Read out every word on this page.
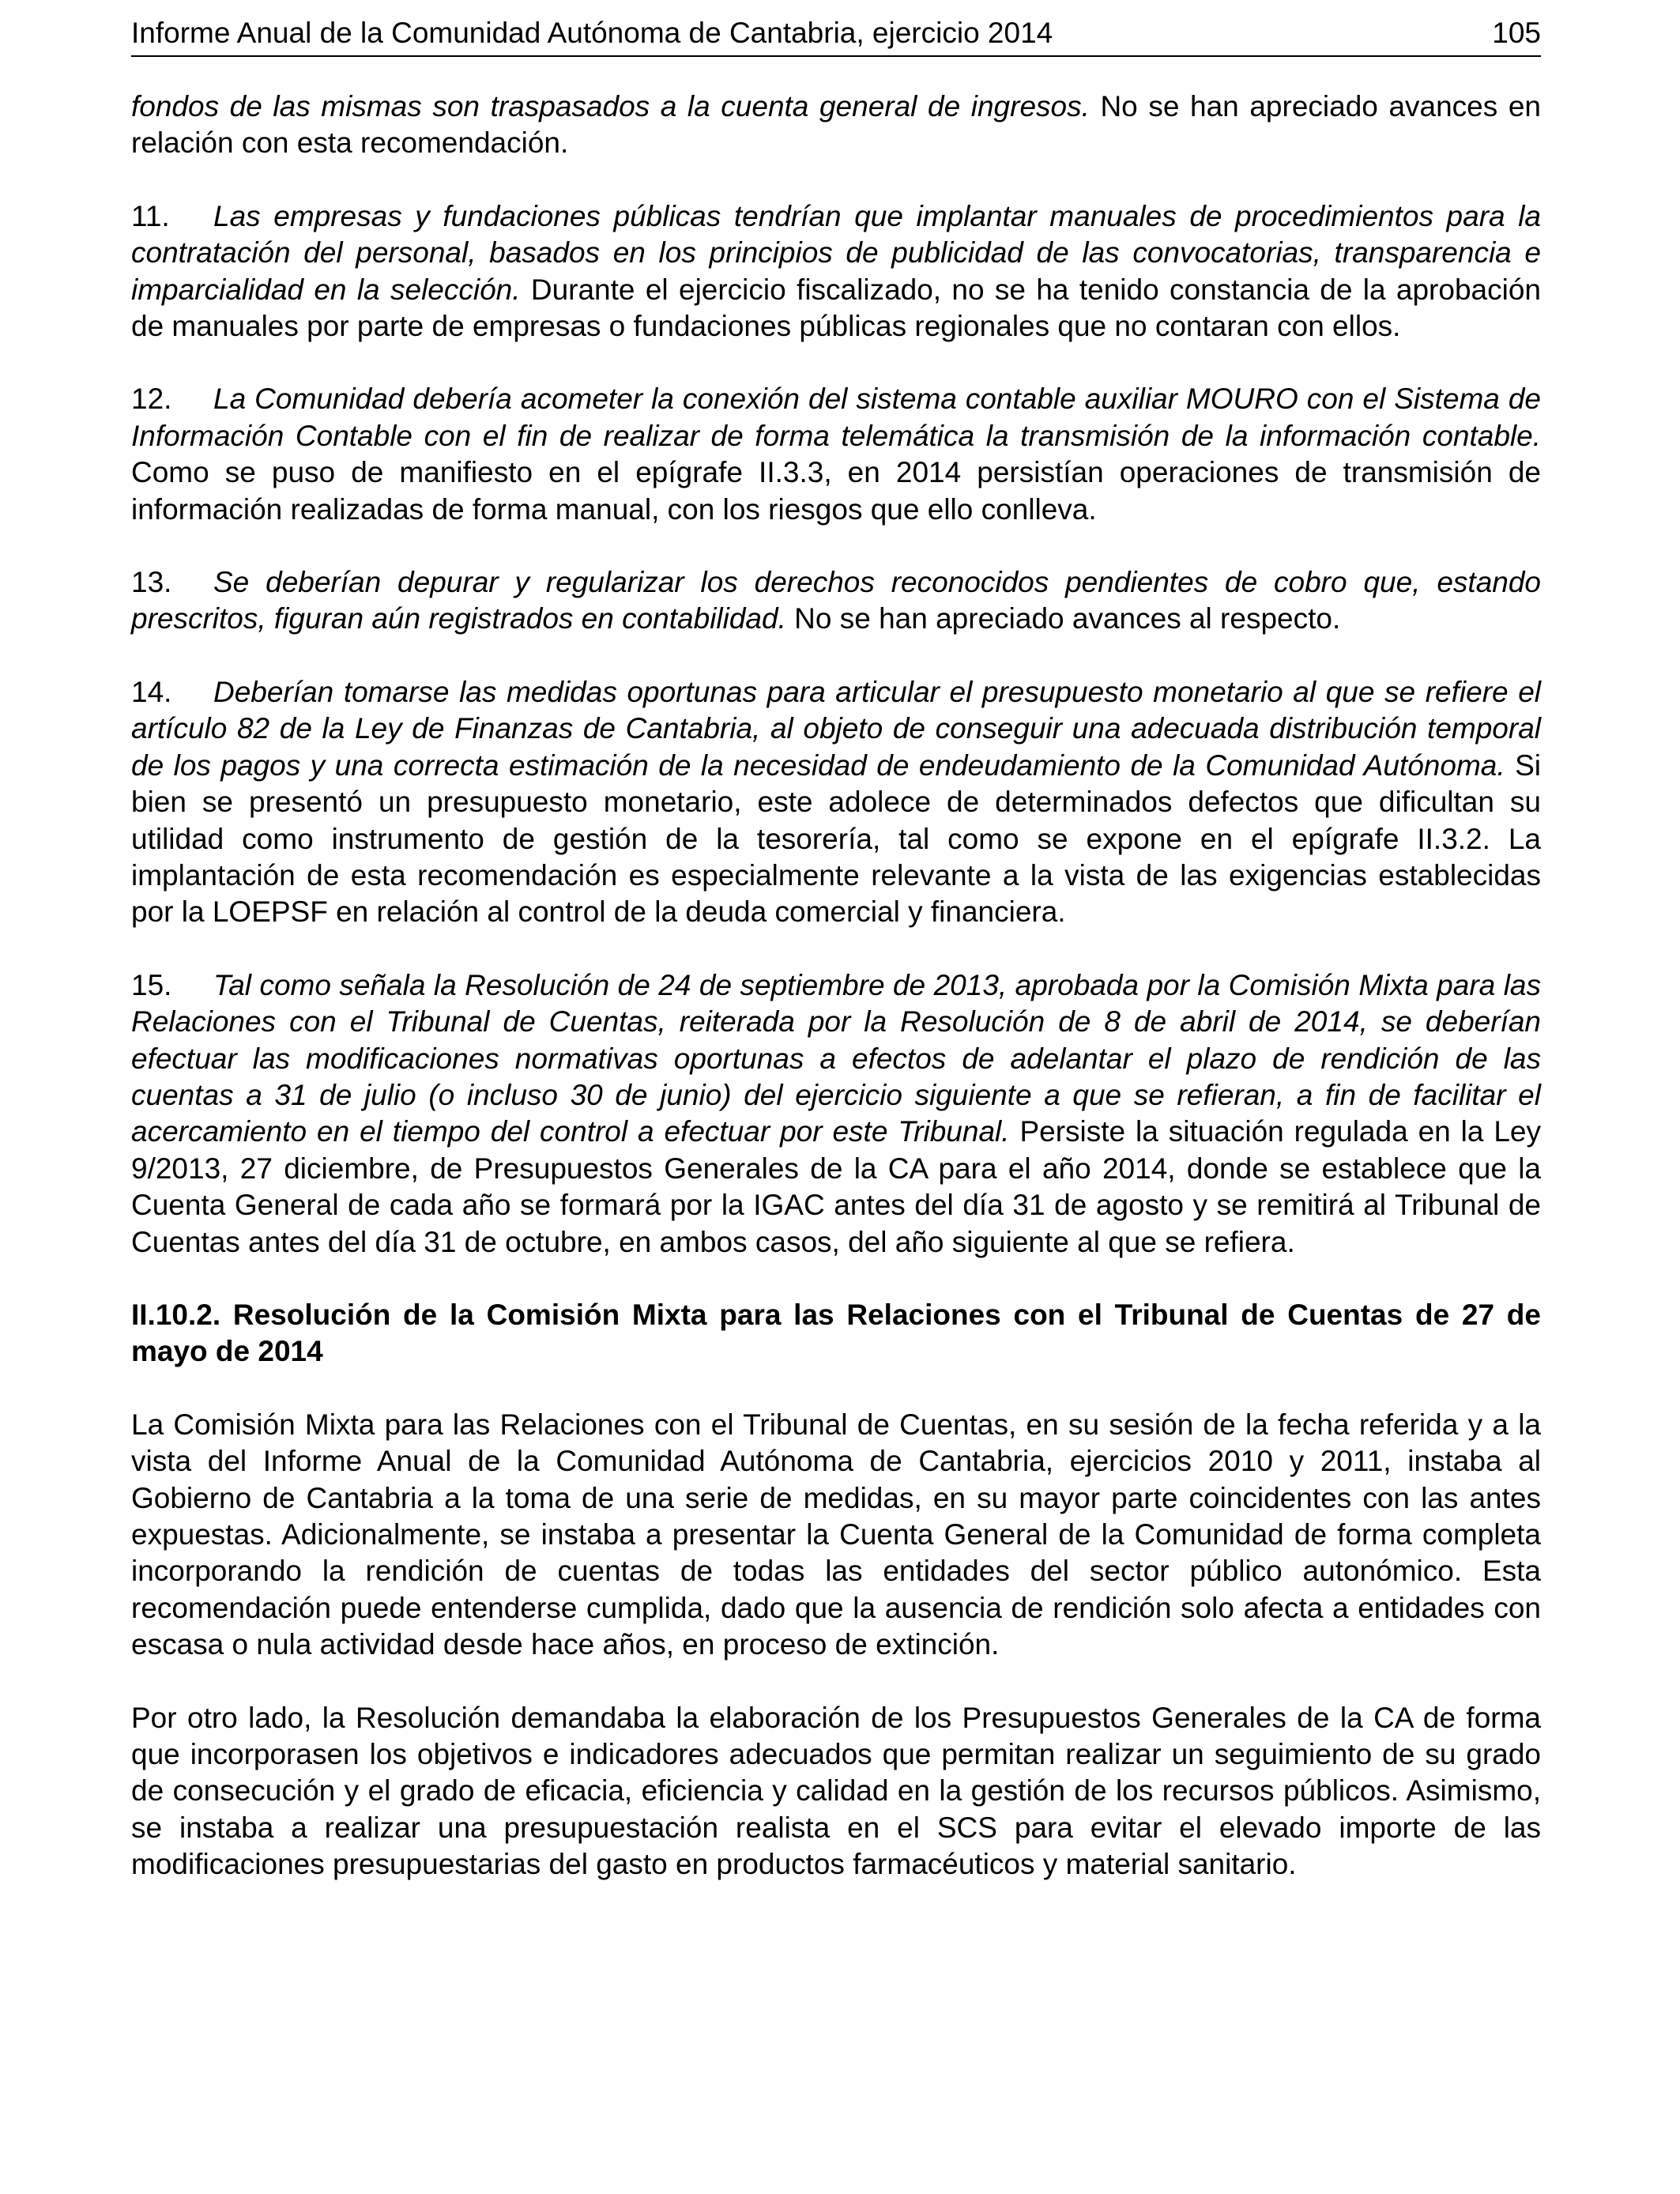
Informe Anual de la Comunidad Autónoma de Cantabria, ejercicio 2014	105

fondos de las mismas son traspasados a la cuenta general de ingresos. No se han apreciado avances en relación con esta recomendación.

11. Las empresas y fundaciones públicas tendrían que implantar manuales de procedimientos para la contratación del personal, basados en los principios de publicidad de las convocatorias, transparencia e imparcialidad en la selección. Durante el ejercicio fiscalizado, no se ha tenido constancia de la aprobación de manuales por parte de empresas o fundaciones públicas regionales que no contaran con ellos.

12. La Comunidad debería acometer la conexión del sistema contable auxiliar MOURO con el Sistema de Información Contable con el fin de realizar de forma telemática la transmisión de la información contable. Como se puso de manifiesto en el epígrafe II.3.3, en 2014 persistían operaciones de transmisión de información realizadas de forma manual, con los riesgos que ello conlleva.

13. Se deberían depurar y regularizar los derechos reconocidos pendientes de cobro que, estando prescritos, figuran aún registrados en contabilidad. No se han apreciado avances al respecto.

14. Deberían tomarse las medidas oportunas para articular el presupuesto monetario al que se refiere el artículo 82 de la Ley de Finanzas de Cantabria, al objeto de conseguir una adecuada distribución temporal de los pagos y una correcta estimación de la necesidad de endeudamiento de la Comunidad Autónoma. Si bien se presentó un presupuesto monetario, este adolece de determinados defectos que dificultan su utilidad como instrumento de gestión de la tesorería, tal como se expone en el epígrafe II.3.2. La implantación de esta recomendación es especialmente relevante a la vista de las exigencias establecidas por la LOEPSF en relación al control de la deuda comercial y financiera.

15. Tal como señala la Resolución de 24 de septiembre de 2013, aprobada por la Comisión Mixta para las Relaciones con el Tribunal de Cuentas, reiterada por la Resolución de 8 de abril de 2014, se deberían efectuar las modificaciones normativas oportunas a efectos de adelantar el plazo de rendición de las cuentas a 31 de julio (o incluso 30 de junio) del ejercicio siguiente a que se refieran, a fin de facilitar el acercamiento en el tiempo del control a efectuar por este Tribunal. Persiste la situación regulada en la Ley 9/2013, 27 diciembre, de Presupuestos Generales de la CA para el año 2014, donde se establece que la Cuenta General de cada año se formará por la IGAC antes del día 31 de agosto y se remitirá al Tribunal de Cuentas antes del día 31 de octubre, en ambos casos, del año siguiente al que se refiera.

II.10.2. Resolución de la Comisión Mixta para las Relaciones con el Tribunal de Cuentas de 27 de mayo de 2014

La Comisión Mixta para las Relaciones con el Tribunal de Cuentas, en su sesión de la fecha referida y a la vista del Informe Anual de la Comunidad Autónoma de Cantabria, ejercicios 2010 y 2011, instaba al Gobierno de Cantabria a la toma de una serie de medidas, en su mayor parte coincidentes con las antes expuestas. Adicionalmente, se instaba a presentar la Cuenta General de la Comunidad de forma completa incorporando la rendición de cuentas de todas las entidades del sector público autonómico. Esta recomendación puede entenderse cumplida, dado que la ausencia de rendición solo afecta a entidades con escasa o nula actividad desde hace años, en proceso de extinción.

Por otro lado, la Resolución demandaba la elaboración de los Presupuestos Generales de la CA de forma que incorporasen los objetivos e indicadores adecuados que permitan realizar un seguimiento de su grado de consecución y el grado de eficacia, eficiencia y calidad en la gestión de los recursos públicos. Asimismo, se instaba a realizar una presupuestación realista en el SCS para evitar el elevado importe de las modificaciones presupuestarias del gasto en productos farmacéuticos y material sanitario.
